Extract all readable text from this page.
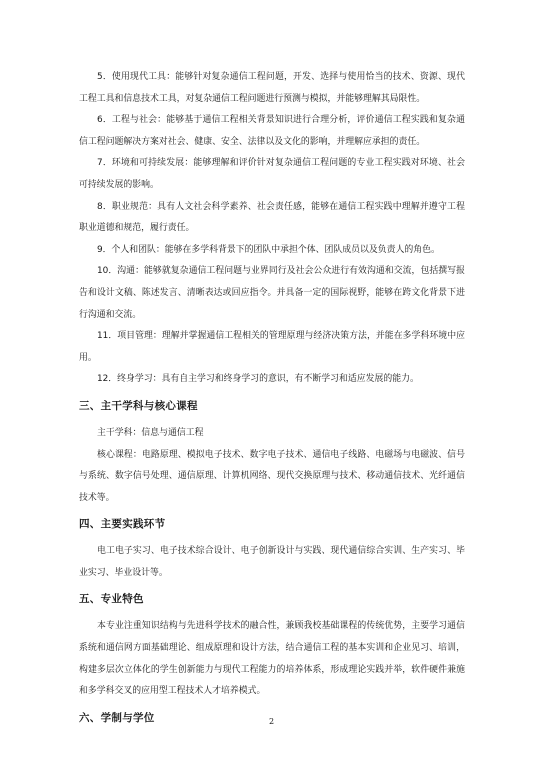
5．使用现代工具：能够针对复杂通信工程问题，开发、选择与使用恰当的技术、资源、现代工程工具和信息技术工具，对复杂通信工程问题进行预测与模拟，并能够理解其局限性。

6．工程与社会：能够基于通信工程相关背景知识进行合理分析，评价通信工程实践和复杂通信工程问题解决方案对社会、健康、安全、法律以及文化的影响，并理解应承担的责任。

7．环境和可持续发展：能够理解和评价针对复杂通信工程问题的专业工程实践对环境、社会可持续发展的影响。

8．职业规范：具有人文社会科学素养、社会责任感，能够在通信工程实践中理解并遵守工程职业道德和规范，履行责任。

9．个人和团队：能够在多学科背景下的团队中承担个体、团队成员以及负责人的角色。

10．沟通：能够就复杂通信工程问题与业界同行及社会公众进行有效沟通和交流，包括撰写报告和设计文稿、陈述发言、清晰表达或回应指令。并具备一定的国际视野，能够在跨文化背景下进行沟通和交流。

11．项目管理：理解并掌握通信工程相关的管理原理与经济决策方法，并能在多学科环境中应用。

12．终身学习：具有自主学习和终身学习的意识，有不断学习和适应发展的能力。

三、主干学科与核心课程

主干学科：信息与通信工程

核心课程：电路原理、模拟电子技术、数字电子技术、通信电子线路、电磁场与电磁波、信号与系统、数字信号处理、通信原理、计算机网络、现代交换原理与技术、移动通信技术、光纤通信技术等。

四、主要实践环节

电工电子实习、电子技术综合设计、电子创新设计与实践、现代通信综合实训、生产实习、毕业实习、毕业设计等。

五、专业特色

本专业注重知识结构与先进科学技术的融合性，兼顾我校基础课程的传统优势，主要学习通信系统和通信网方面基础理论、组成原理和设计方法，结合通信工程的基本实训和企业见习、培训，构建多层次立体化的学生创新能力与现代工程能力的培养体系，形成理论实践并举，软件硬件兼施和多学科交叉的应用型工程技术人才培养模式。

六、学制与学位	2
